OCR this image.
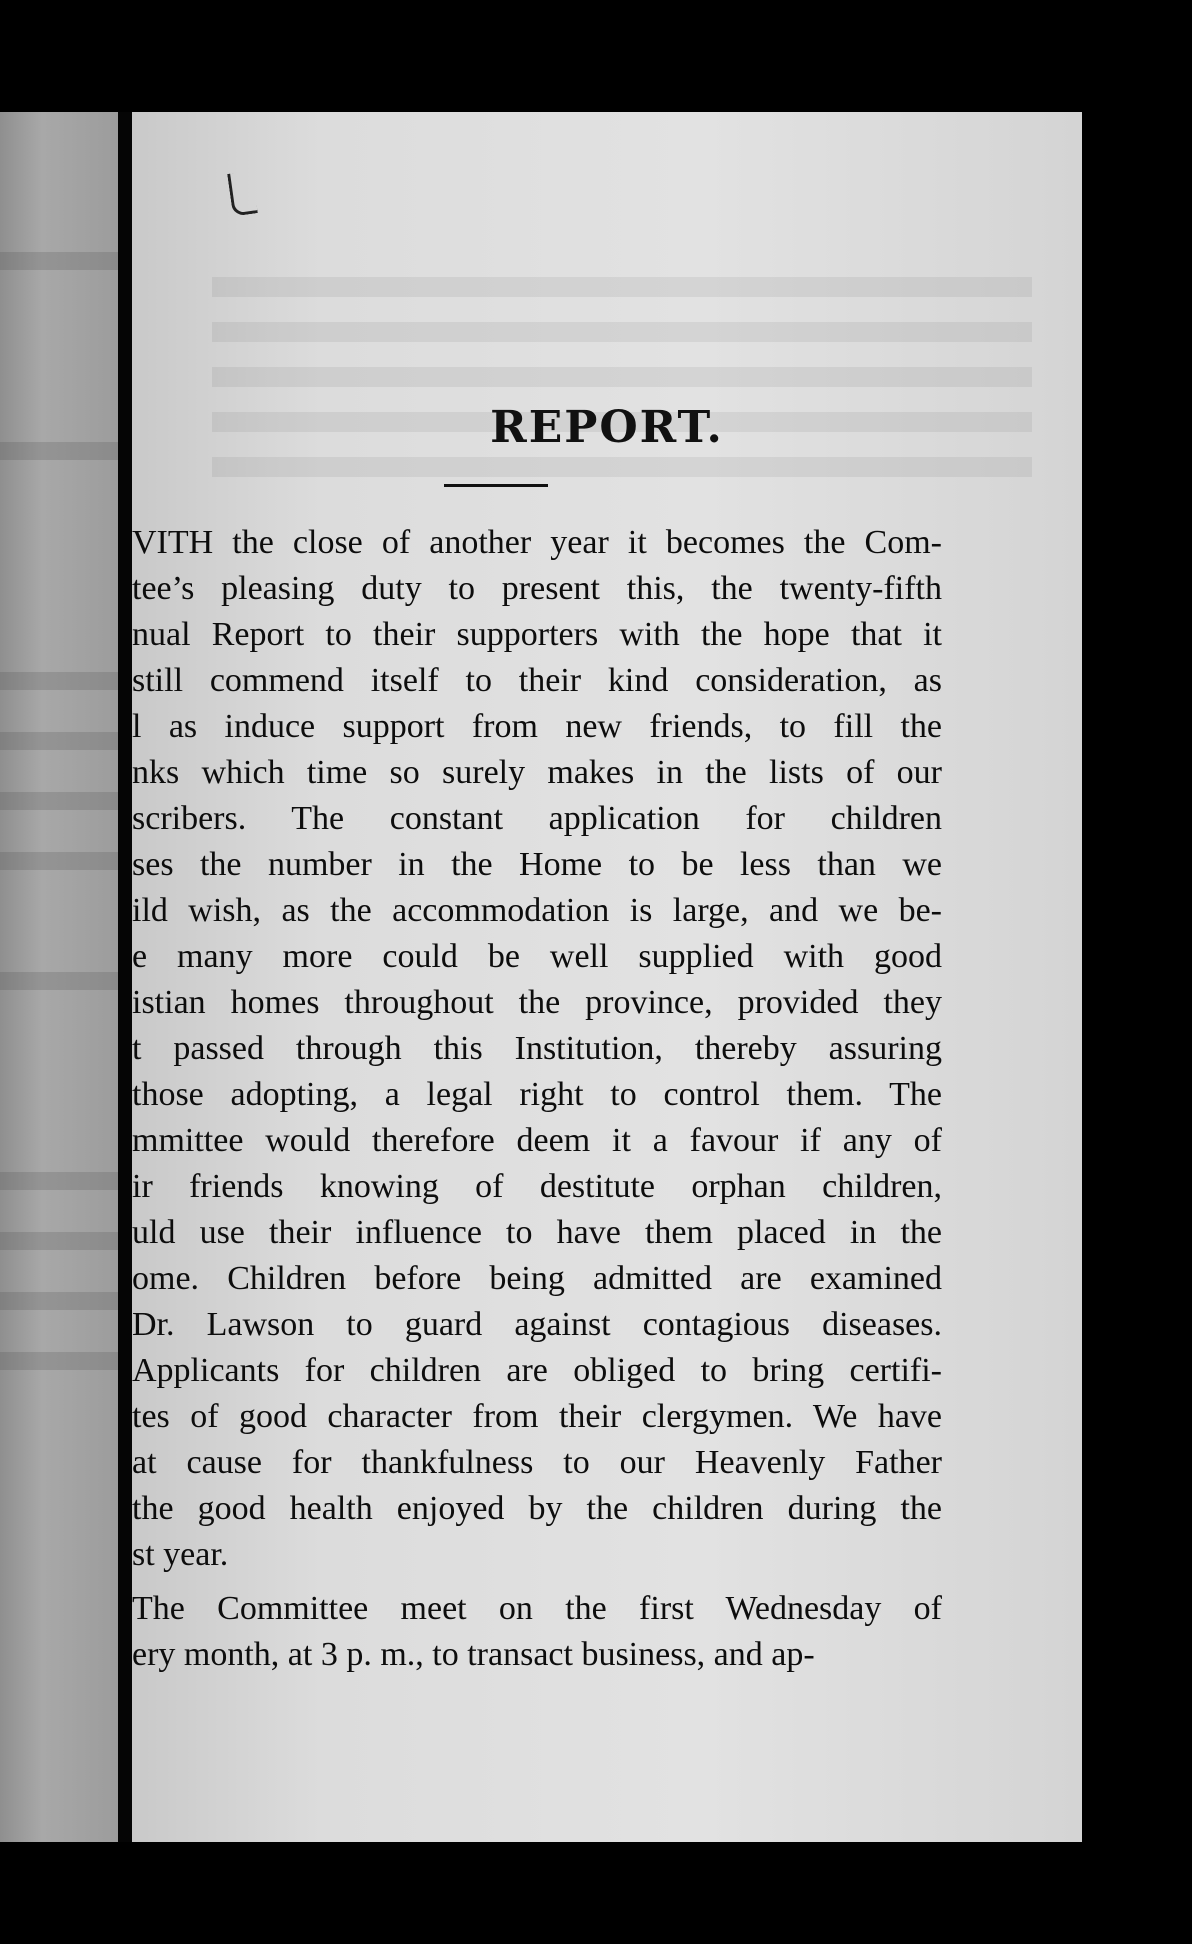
REPORT.
VITH the close of another year it becomes the Com-
tee’s pleasing duty to present this, the twenty-fifth
nual Report to their supporters with the hope that it
still commend itself to their kind consideration, as
l as induce support from new friends, to fill the
nks which time so surely makes in the lists of our
scribers. The constant application for children
ses the number in the Home to be less than we
ild wish, as the accommodation is large, and we be-
e many more could be well supplied with good
istian homes throughout the province, provided they
t passed through this Institution, thereby assuring
those adopting, a legal right to control them. The
mmittee would therefore deem it a favour if any of
ir friends knowing of destitute orphan children,
uld use their influence to have them placed in the
ome. Children before being admitted are examined
Dr. Lawson to guard against contagious diseases.
Applicants for children are obliged to bring certifi-
tes of good character from their clergymen. We have
at cause for thankfulness to our Heavenly Father
the good health enjoyed by the children during the
st year.
The Committee meet on the first Wednesday of
ery month, at 3 p. m., to transact business, and ap-
